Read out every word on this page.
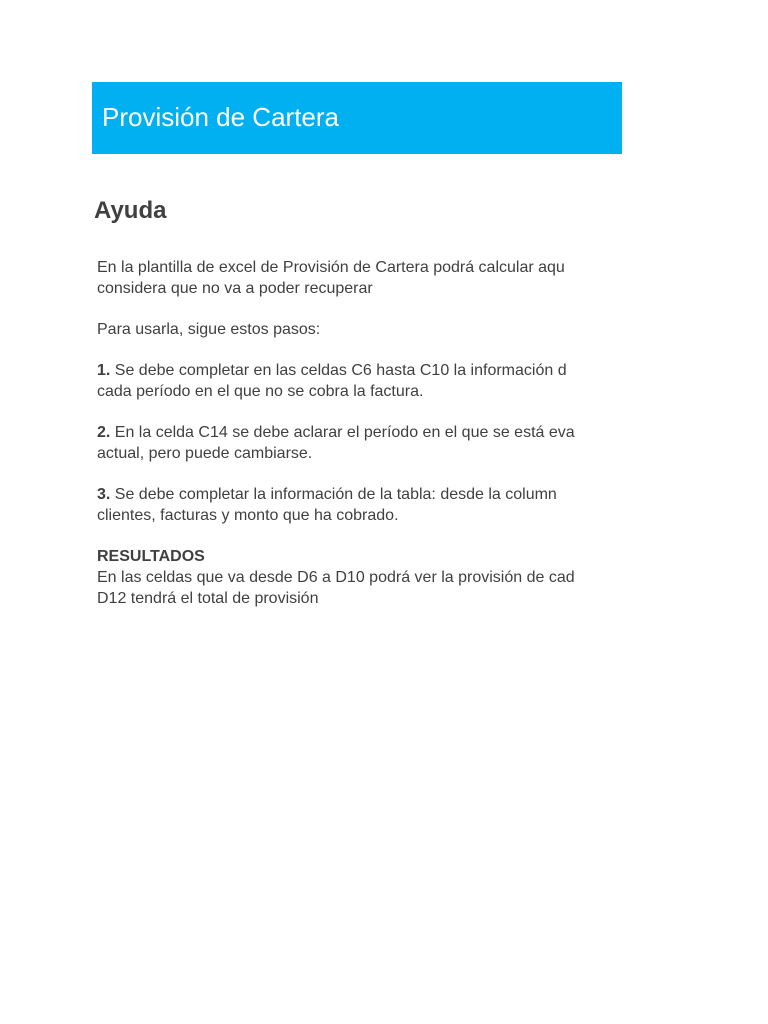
Provisión de Cartera
Ayuda

En la plantilla de excel de Provisión de Cartera podrá calcular aqu
considera que no va a poder recuperar

Para usarla, sigue estos pasos:

1. Se debe completar en las celdas C6 hasta C10 la información d
cada período en el que no se cobra la factura.

2. En la celda C14 se debe aclarar el período en el que se está eva
actual, pero puede cambiarse.

3. Se debe completar la información de la tabla: desde la column
clientes, facturas y monto que ha cobrado.

RESULTADOS
En las celdas que va desde D6 a D10 podrá ver la provisión de cad
D12 tendrá el total de provisión
